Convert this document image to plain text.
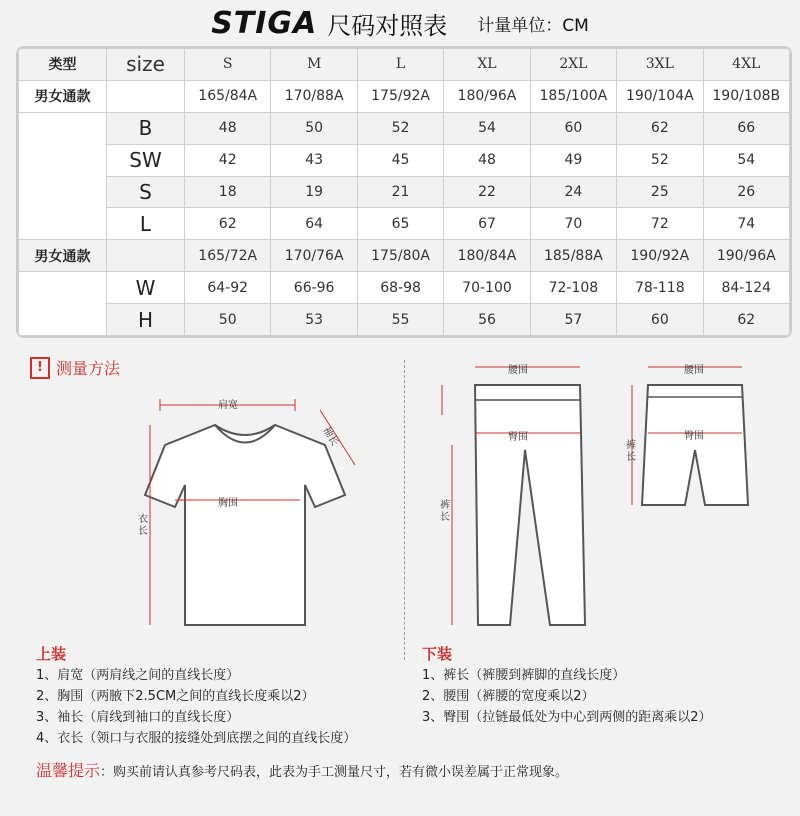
STIGA 尺码对照表 计量单位：CM
类型	size	S	M	L	XL	2XL	3XL	4XL
男女通款		165/84A	170/88A	175/92A	180/96A	185/100A	190/104A	190/108B
	B	48	50	52	54	60	62	66
	SW	42	43	45	48	49	52	54
	S	18	19	21	22	24	25	26
	L	62	64	65	67	70	72	74
男女通款		165/72A	170/76A	175/80A	180/84A	185/88A	190/92A	190/96A
	W	64-92	66-96	68-98	70-100	72-108	78-118	84-124
	H	50	53	55	56	57	60	62
! 测量方法
肩宽
袖长
胸围
衣长
腰围
臀围
裤长
腰围
臀围
裤长
上装
1、肩宽（两肩线之间的直线长度）
2、胸围（两腋下2.5CM之间的直线长度乘以2）
3、袖长（肩线到袖口的直线长度）
4、衣长（领口与衣服的接缝处到底摆之间的直线长度）
下装
1、裤长（裤腰到裤脚的直线长度）
2、腰围（裤腰的宽度乘以2）
3、臀围（拉链最低处为中心到两侧的距离乘以2）
温馨提示：购买前请认真参考尺码表，此表为手工测量尺寸，若有微小误差属于正常现象。
